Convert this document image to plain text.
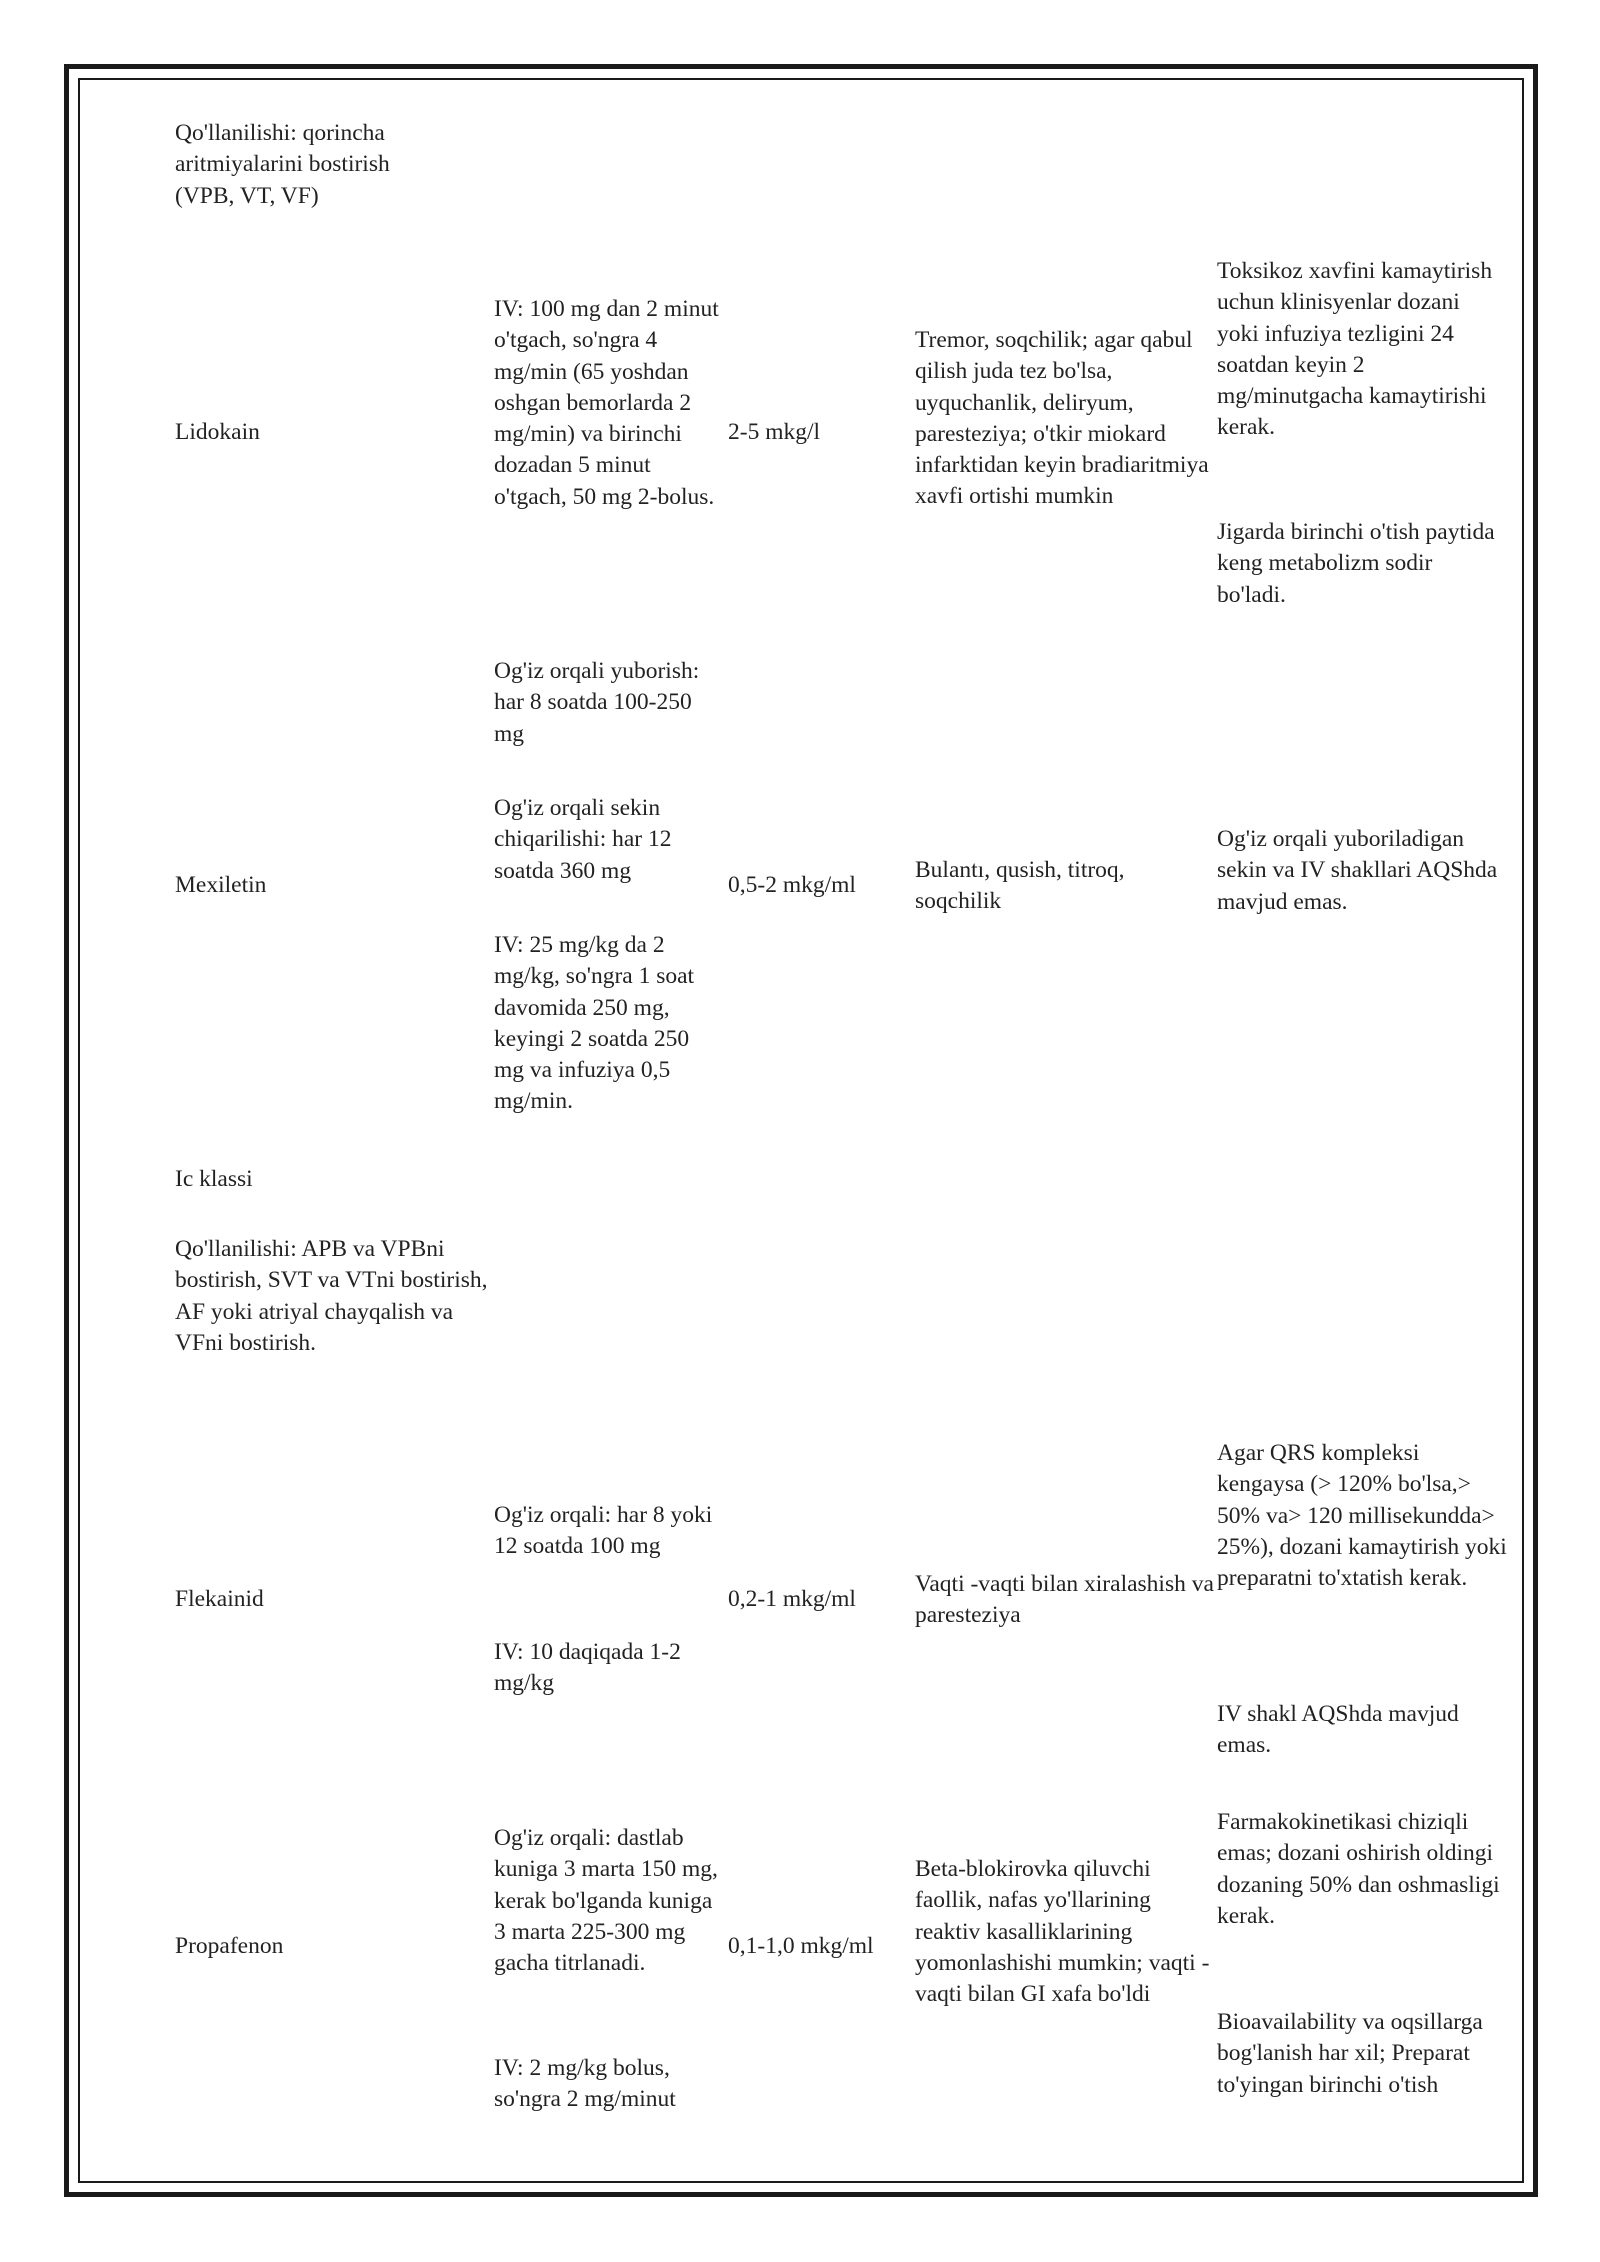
Qo'llanilishi: qorincha aritmiyalarini bostirish (VPB, VT, VF)

Lidokain

IV: 100 mg dan 2 minut o'tgach, so'ngra 4 mg/min (65 yoshdan oshgan bemorlarda 2 mg/min) va birinchi dozadan 5 minut o'tgach, 50 mg 2-bolus.

2-5 mkg/l

Tremor, soqchilik; agar qabul qilish juda tez bo'lsa, uyquchanlik, deliryum, paresteziya; o'tkir miokard infarktidan keyin bradiaritmiya xavfi ortishi mumkin

Toksikoz xavfini kamaytirish uchun klinisyenlar dozani yoki infuziya tezligini 24 soatdan keyin 2 mg/minutgacha kamaytirishi kerak.

Jigarda birinchi o'tish paytida keng metabolizm sodir bo'ladi.

Mexiletin

Og'iz orqali yuborish: har 8 soatda 100-250 mg

Og'iz orqali sekin chiqarilishi: har 12 soatda 360 mg

IV: 25 mg/kg da 2 mg/kg, so'ngra 1 soat davomida 250 mg, keyingi 2 soatda 250 mg va infuziya 0,5 mg/min.

0,5-2 mkg/ml

Bulantı, qusish, titroq, soqchilik

Og'iz orqali yuboriladigan sekin va IV shakllari AQShda mavjud emas.

Ic klassi

Qo'llanilishi: APB va VPBni bostirish, SVT va VTni bostirish, AF yoki atriyal chayqalish va VFni bostirish.

Flekainid

Og'iz orqali: har 8 yoki 12 soatda 100 mg

IV: 10 daqiqada 1-2 mg/kg

0,2-1 mkg/ml

Vaqti -vaqti bilan xiralashish va paresteziya

Agar QRS kompleksi kengaysa (> 120% bo'lsa,> 50% va> 120 millisekundda> 25%), dozani kamaytirish yoki preparatni to'xtatish kerak.

IV shakl AQShda mavjud emas.

Propafenon

Og'iz orqali: dastlab kuniga 3 marta 150 mg, kerak bo'lganda kuniga 3 marta 225-300 mg gacha titrlanadi.

IV: 2 mg/kg bolus, so'ngra 2 mg/minut

0,1-1,0 mkg/ml

Beta-blokirovka qiluvchi faollik, nafas yo'llarining reaktiv kasalliklarining yomonlashishi mumkin; vaqti -vaqti bilan GI xafa bo'ldi

Farmakokinetikasi chiziqli emas; dozani oshirish oldingi dozaning 50% dan oshmasligi kerak.

Bioavailability va oqsillarga bog'lanish har xil; Preparat to'yingan birinchi o'tish
